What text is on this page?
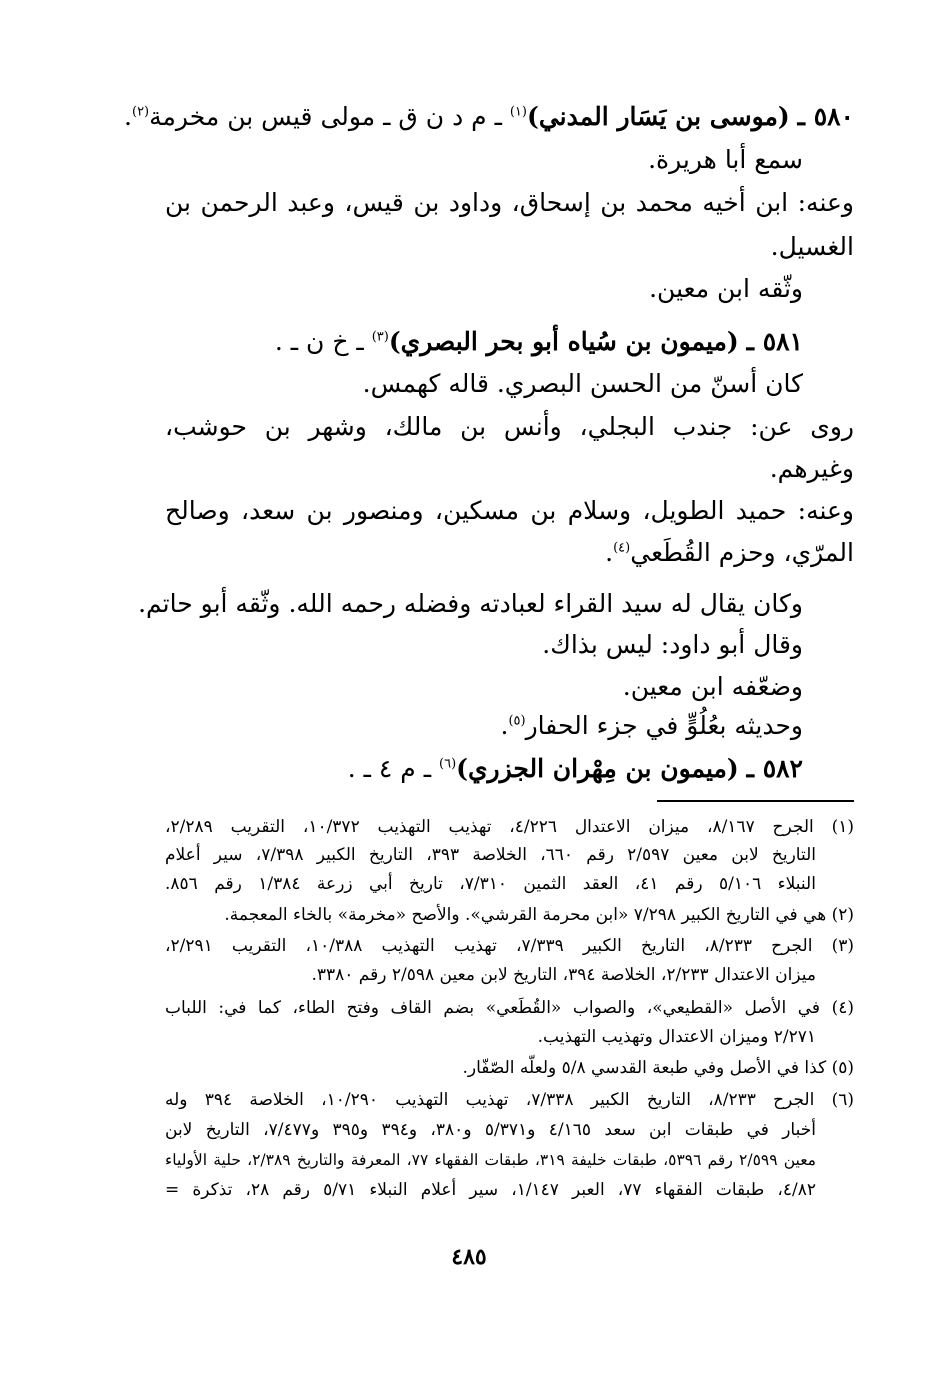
٥٨٠ ـ (موسى بن يَسَار المدني)$^{(١)}$ ـ م د ن ق ـ مولى قيس بن مخرمة$^{(٢)}$.
سمع أبا هريرة.
وعنه: ابن أخيه محمد بن إسحاق، وداود بن قيس، وعبد الرحمن بن
الغسيل.
وثّقه ابن معين.
٥٨١ ـ (ميمون بن سُياه أبو بحر البصري)$^{(٣)}$ ـ خ ن ـ .
كان أسنّ من الحسن البصري. قاله كهمس.
روى عن: جندب البجلي، وأنس بن مالك، وشهر بن حوشب،
وغيرهم.
وعنه: حميد الطويل، وسلام بن مسكين، ومنصور بن سعد، وصالح
المرّي، وحزم القُطَعي$^{(٤)}$.
وكان يقال له سيد القراء لعبادته وفضله رحمه الله. وثّقه أبو حاتم.
وقال أبو داود: ليس بذاك.
وضعّفه ابن معين.
وحديثه بعُلُوٍّ في جزء الحفار$^{(٥)}$.
٥٨٢ ـ (ميمون بن مِهْران الجزري)$^{(٦)}$ ـ م ٤ ـ .
(١) الجرح ٨/١٦٧، ميزان الاعتدال ٤/٢٢٦، تهذيب التهذيب ١٠/٣٧٢، التقريب ٢/٢٨٩،
التاريخ لابن معين ٢/٥٩٧ رقم ٦٦٠، الخلاصة ٣٩٣، التاريخ الكبير ٧/٣٩٨، سير أعلام
النبلاء ٥/١٠٦ رقم ٤١، العقد الثمين ٧/٣١٠، تاريخ أبي زرعة ١/٣٨٤ رقم ٨٥٦.
(٢) هي في التاريخ الكبير ٧/٢٩٨ «ابن محرمة القرشي». والأصح «مخرمة» بالخاء المعجمة.
(٣) الجرح ٨/٢٣٣، التاريخ الكبير ٧/٣٣٩، تهذيب التهذيب ١٠/٣٨٨، التقريب ٢/٢٩١،
ميزان الاعتدال ٢/٢٣٣، الخلاصة ٣٩٤، التاريخ لابن معين ٢/٥٩٨ رقم ٣٣٨٠.
(٤) في الأصل «القطيعي»، والصواب «القُطَعي» بضم القاف وفتح الطاء، كما في: اللباب
٢/٢٧١ وميزان الاعتدال وتهذيب التهذيب.
(٥) كذا في الأصل وفي طبعة القدسي ٥/٨ ولعلّه الصّفّار.
(٦) الجرح ٨/٢٣٣، التاريخ الكبير ٧/٣٣٨، تهذيب التهذيب ١٠/٢٩٠، الخلاصة ٣٩٤ وله
أخبار في طبقات ابن سعد ٤/١٦٥ و٥/٣٧١ و٣٨٠، و٣٩٤ و٣٩٥ و٧/٤٧٧، التاريخ لابن
معين ٢/٥٩٩ رقم ٥٣٩٦، طبقات خليفة ٣١٩، طبقات الفقهاء ٧٧، المعرفة والتاريخ ٢/٣٨٩، حلية الأولياء
٤/٨٢، طبقات الفقهاء ٧٧، العبر ١/١٤٧، سير أعلام النبلاء ٥/٧١ رقم ٢٨، تذكرة =
٤٨٥
